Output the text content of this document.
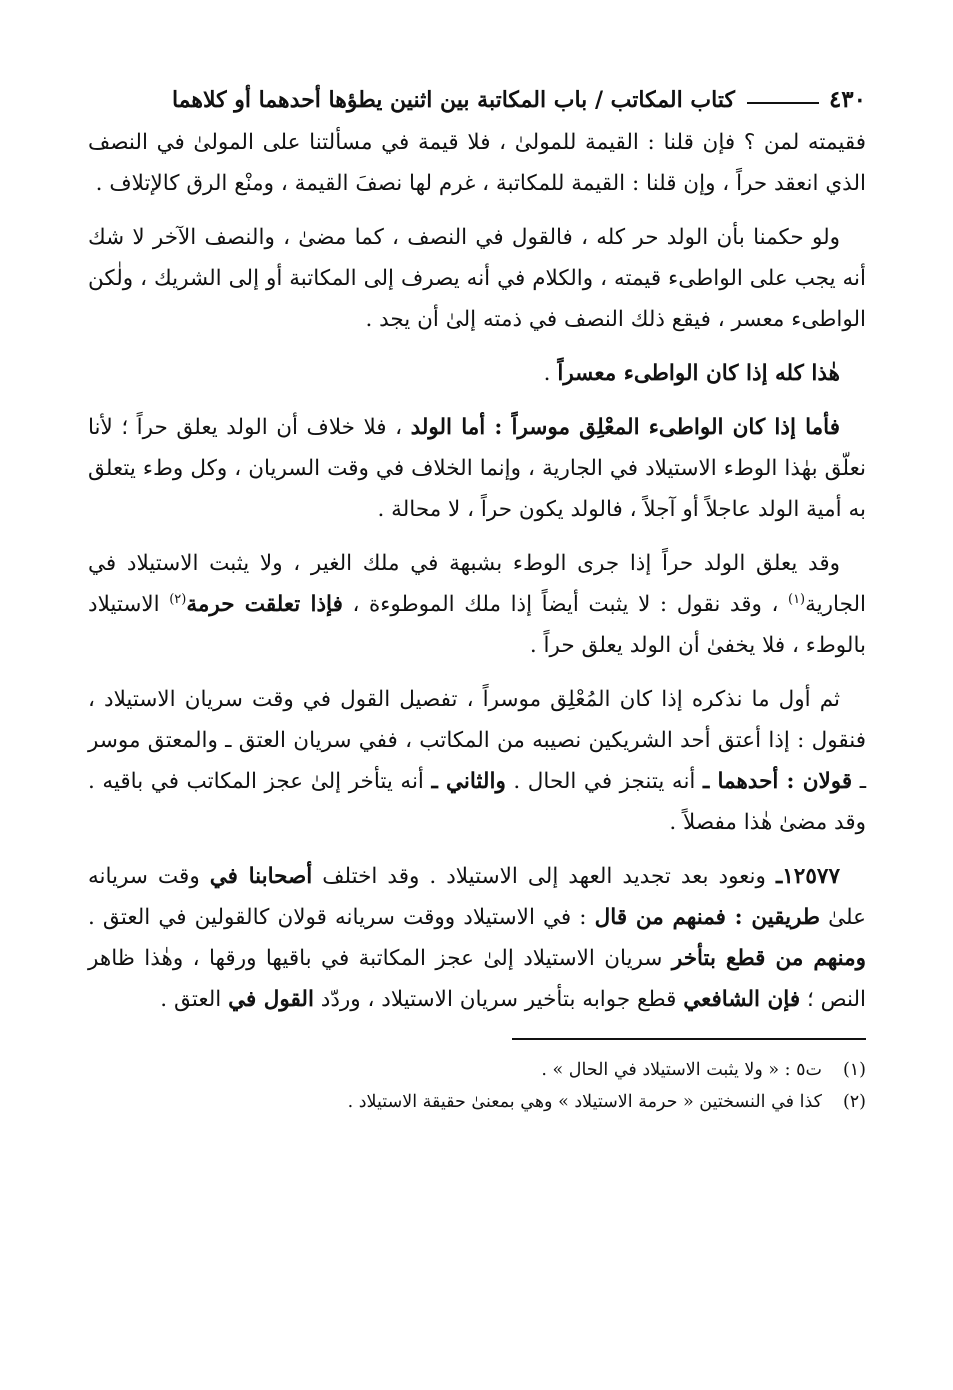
٤٣٠
كتاب المكاتب / باب المكاتبة بين اثنين يطؤها أحدهما أو كلاهما

فقيمته لمن ؟ فإن قلنا : القيمة للمولىٰ ، فلا قيمة في مسألتنا على المولىٰ في النصف الذي انعقد حراً ، وإن قلنا : القيمة للمكاتبة ، غرم لها نصفَ القيمة ، ومنْع الرق كالإتلاف .

ولو حكمنا بأن الولد حر كله ، فالقول في النصف ، كما مضىٰ ، والنصف الآخر لا شك أنه يجب على الواطىء قيمته ، والكلام في أنه يصرف إلى المكاتبة أو إلى الشريك ، ولٰكن الواطىء معسر ، فيقع ذلك النصف في ذمته إلىٰ أن يجد .

هٰذا كله إذا كان الواطىء معسراً .

فأما إذا كان الواطىء المعْلِق موسراً : أما الولد ، فلا خلاف أن الولد يعلق حراً ؛ لأنا نعلّق بهٰذا الوطء الاستيلاد في الجارية ، وإنما الخلاف في وقت السريان ، وكل وطء يتعلق به أمية الولد عاجلاً أو آجلاً ، فالولد يكون حراً ، لا محالة .

وقد يعلق الولد حراً إذا جرى الوطء بشبهة في ملك الغير ، ولا يثبت الاستيلاد في الجارية$^{(١)}$ ، وقد نقول : لا يثبت أيضاً إذا ملك الموطوءة ، فإذا تعلقت حرمة$^{(٢)}$ الاستيلاد بالوطء ، فلا يخفىٰ أن الولد يعلق حراً .

ثم أول ما نذكره إذا كان المُعْلِق موسراً ، تفصيل القول في وقت سريان الاستيلاد ، فنقول : إذا أعتق أحد الشريكين نصيبه من المكاتب ، ففي سريان العتق ـ والمعتق موسر ـ قولان : أحدهما ـ أنه يتنجز في الحال . والثاني ـ أنه يتأخر إلىٰ عجز المكاتب في باقيه . وقد مضىٰ هٰذا مفصلاً .

١٢٥٧٧ـ ونعود بعد تجديد العهد إلى الاستيلاد . وقد اختلف أصحابنا في وقت سريانه علىٰ طريقين : فمنهم من قال : في الاستيلاد ووقت سريانه قولان كالقولين في العتق . ومنهم من قطع بتأخر سريان الاستيلاد إلىٰ عجز المكاتبة في باقيها ورقها ، وهٰذا ظاهر النص ؛ فإن الشافعي قطع جوابه بتأخير سريان الاستيلاد ، وردّد القول في العتق .

(١)
ت٥ : « ولا يثبت الاستيلاد في الحال » .
(٢)
كذا في النسختين « حرمة الاستيلاد » وهي بمعنىٰ حقيقة الاستيلاد .
